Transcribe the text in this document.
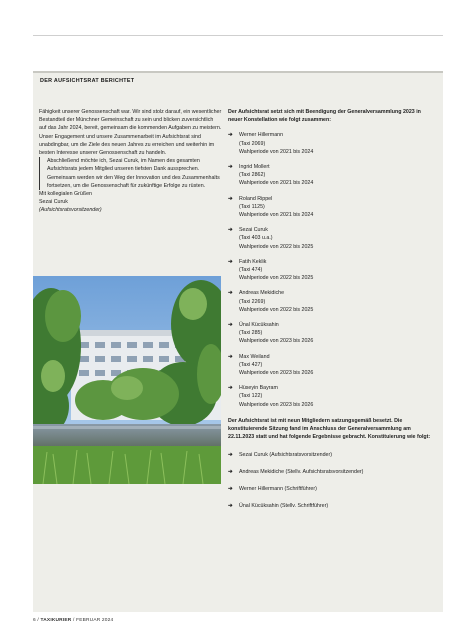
DER AUFSICHTSRAT BERICHTET

Fähigkeit unserer Genossenschaft war. Wir sind stolz darauf, ein wesentlicher Bestandteil der Münchner Gemeinschaft zu sein und blicken zuversichtlich auf das Jahr 2024, bereit, gemeinsam die kommenden Aufgaben zu meistern. Unser Engagement und unsere Zusammenarbeit im Aufsichtsrat sind unabdingbar, um die Ziele des neuen Jahres zu erreichen und weiterhin im besten Interesse unserer Genossenschaft zu handeln.

Abschließend möchte ich, Sezai Curuk, im Namen des gesamten Aufsichtsrats jedem Mitglied unseren tiefsten Dank aussprechen. Gemeinsam werden wir den Weg der Innovation und des Zusammenhalts fortsetzen, um die Genossenschaft für zukünftige Erfolge zu rüsten.

Mit kollegialen Grüßen

Sezai Curuk

(Aufsichtsratsvorsitzender)

Der Aufsichtsrat setzt sich mit Beendigung der Generalversammlung 2023 in neuer Konstellation wie folgt zusammen:

➔	Werner Hillermann
(Taxi 2069)
Wahlperiode von 2021 bis 2024
➔	Ingrid Mollert
(Taxi 2862)
Wahlperiode von 2021 bis 2024
➔	Roland Rippel
(Taxi 1125)
Wahlperiode von 2021 bis 2024
➔	Sezai Curuk
(Taxi 403 u.a.)
Wahlperiode von 2022 bis 2025
➔	Fatih Keklik
(Taxi 474)
Wahlperiode von 2022 bis 2025
➔	Andreas Mekidiche
(Taxi 2269)
Wahlperiode von 2022 bis 2025
➔	Ünal Kücüksahin
(Taxi 285)
Wahlperiode von 2023 bis 2026
➔	Max Weiland
(Taxi 427)
Wahlperiode von 2023 bis 2026
➔	Hüseyin Bayram
(Taxi 122)
Wahlperiode von 2023 bis 2026

Der Aufsichtsrat ist mit neun Mitgliedern satzungsgemäß besetzt. Die konstituierende Sitzung fand im Anschluss der Generalversammlung am 22.11.2023 statt und hat folgende Ergebnisse gebracht. Konstituierung wie folgt:

➔	Sezai Curuk (Aufsichtsratsvorsitzender)
➔	Andreas Mekidiche (Stellv. Aufsichtsratsvorsitzender)
➔	Werner Hillermann (Schriftführer)
➔	Ünal Kücüksahin (Stellv. Schriftführer)
6 / TAXIKURIER / FEBRUAR 2024
